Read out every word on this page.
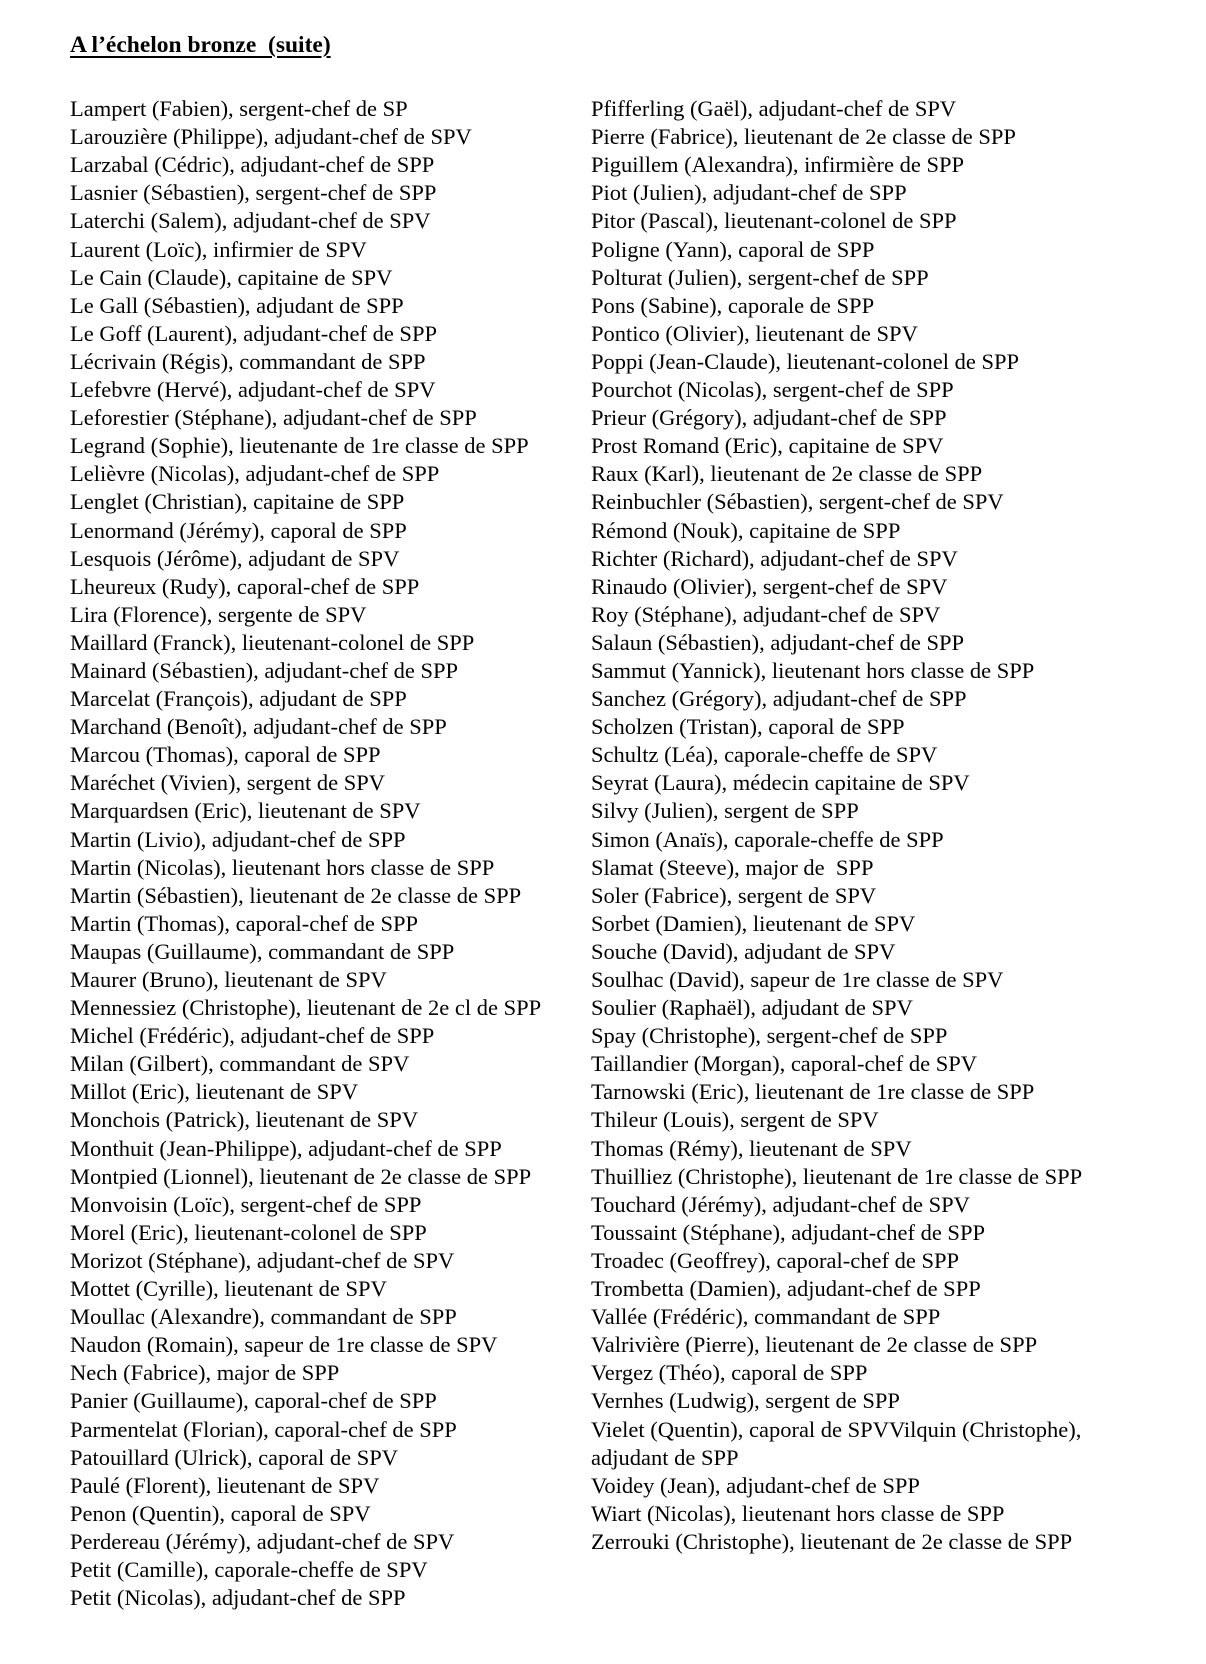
A l’échelon bronze  (suite)

Lampert (Fabien), sergent-chef de SP

Larouzière (Philippe), adjudant-chef de SPV

Larzabal (Cédric), adjudant-chef de SPP

Lasnier (Sébastien), sergent-chef de SPP

Laterchi (Salem), adjudant-chef de SPV

Laurent (Loïc), infirmier de SPV

Le Cain (Claude), capitaine de SPV

Le Gall (Sébastien), adjudant de SPP

Le Goff (Laurent), adjudant-chef de SPP

Lécrivain (Régis), commandant de SPP

Lefebvre (Hervé), adjudant-chef de SPV

Leforestier (Stéphane), adjudant-chef de SPP

Legrand (Sophie), lieutenante de 1re classe de SPP

Lelièvre (Nicolas), adjudant-chef de SPP

Lenglet (Christian), capitaine de SPP

Lenormand (Jérémy), caporal de SPP

Lesquois (Jérôme), adjudant de SPV

Lheureux (Rudy), caporal-chef de SPP

Lira (Florence), sergente de SPV

Maillard (Franck), lieutenant-colonel de SPP

Mainard (Sébastien), adjudant-chef de SPP

Marcelat (François), adjudant de SPP

Marchand (Benoît), adjudant-chef de SPP

Marcou (Thomas), caporal de SPP

Maréchet (Vivien), sergent de SPV

Marquardsen (Eric), lieutenant de SPV

Martin (Livio), adjudant-chef de SPP

Martin (Nicolas), lieutenant hors classe de SPP

Martin (Sébastien), lieutenant de 2e classe de SPP

Martin (Thomas), caporal-chef de SPP

Maupas (Guillaume), commandant de SPP

Maurer (Bruno), lieutenant de SPV

Mennessiez (Christophe), lieutenant de 2e cl de SPP

Michel (Frédéric), adjudant-chef de SPP

Milan (Gilbert), commandant de SPV

Millot (Eric), lieutenant de SPV

Monchois (Patrick), lieutenant de SPV

Monthuit (Jean-Philippe), adjudant-chef de SPP

Montpied (Lionnel), lieutenant de 2e classe de SPP

Monvoisin (Loïc), sergent-chef de SPP

Morel (Eric), lieutenant-colonel de SPP

Morizot (Stéphane), adjudant-chef de SPV

Mottet (Cyrille), lieutenant de SPV

Moullac (Alexandre), commandant de SPP

Naudon (Romain), sapeur de 1re classe de SPV

Nech (Fabrice), major de SPP

Panier (Guillaume), caporal-chef de SPP

Parmentelat (Florian), caporal-chef de SPP

Patouillard (Ulrick), caporal de SPV

Paulé (Florent), lieutenant de SPV

Penon (Quentin), caporal de SPV

Perdereau (Jérémy), adjudant-chef de SPV

Petit (Camille), caporale-cheffe de SPV

Petit (Nicolas), adjudant-chef de SPP

Pfifferling (Gaël), adjudant-chef de SPV

Pierre (Fabrice), lieutenant de 2e classe de SPP

Piguillem (Alexandra), infirmière de SPP

Piot (Julien), adjudant-chef de SPP

Pitor (Pascal), lieutenant-colonel de SPP

Poligne (Yann), caporal de SPP

Polturat (Julien), sergent-chef de SPP

Pons (Sabine), caporale de SPP

Pontico (Olivier), lieutenant de SPV

Poppi (Jean-Claude), lieutenant-colonel de SPP

Pourchot (Nicolas), sergent-chef de SPP

Prieur (Grégory), adjudant-chef de SPP

Prost Romand (Eric), capitaine de SPV

Raux (Karl), lieutenant de 2e classe de SPP

Reinbuchler (Sébastien), sergent-chef de SPV

Rémond (Nouk), capitaine de SPP

Richter (Richard), adjudant-chef de SPV

Rinaudo (Olivier), sergent-chef de SPV

Roy (Stéphane), adjudant-chef de SPV

Salaun (Sébastien), adjudant-chef de SPP

Sammut (Yannick), lieutenant hors classe de SPP

Sanchez (Grégory), adjudant-chef de SPP

Scholzen (Tristan), caporal de SPP

Schultz (Léa), caporale-cheffe de SPV

Seyrat (Laura), médecin capitaine de SPV

Silvy (Julien), sergent de SPP

Simon (Anaïs), caporale-cheffe de SPP

Slamat (Steeve), major de  SPP

Soler (Fabrice), sergent de SPV

Sorbet (Damien), lieutenant de SPV

Souche (David), adjudant de SPV

Soulhac (David), sapeur de 1re classe de SPV

Soulier (Raphaël), adjudant de SPV

Spay (Christophe), sergent-chef de SPP

Taillandier (Morgan), caporal-chef de SPV

Tarnowski (Eric), lieutenant de 1re classe de SPP

Thileur (Louis), sergent de SPV

Thomas (Rémy), lieutenant de SPV

Thuilliez (Christophe), lieutenant de 1re classe de SPP

Touchard (Jérémy), adjudant-chef de SPV

Toussaint (Stéphane), adjudant-chef de SPP

Troadec (Geoffrey), caporal-chef de SPP

Trombetta (Damien), adjudant-chef de SPP

Vallée (Frédéric), commandant de SPP

Valrivière (Pierre), lieutenant de 2e classe de SPP

Vergez (Théo), caporal de SPP

Vernhes (Ludwig), sergent de SPP

Vielet (Quentin), caporal de SPVVilquin (Christophe), adjudant de SPP

Voidey (Jean), adjudant-chef de SPP

Wiart (Nicolas), lieutenant hors classe de SPP

Zerrouki (Christophe), lieutenant de 2e classe de SPP
